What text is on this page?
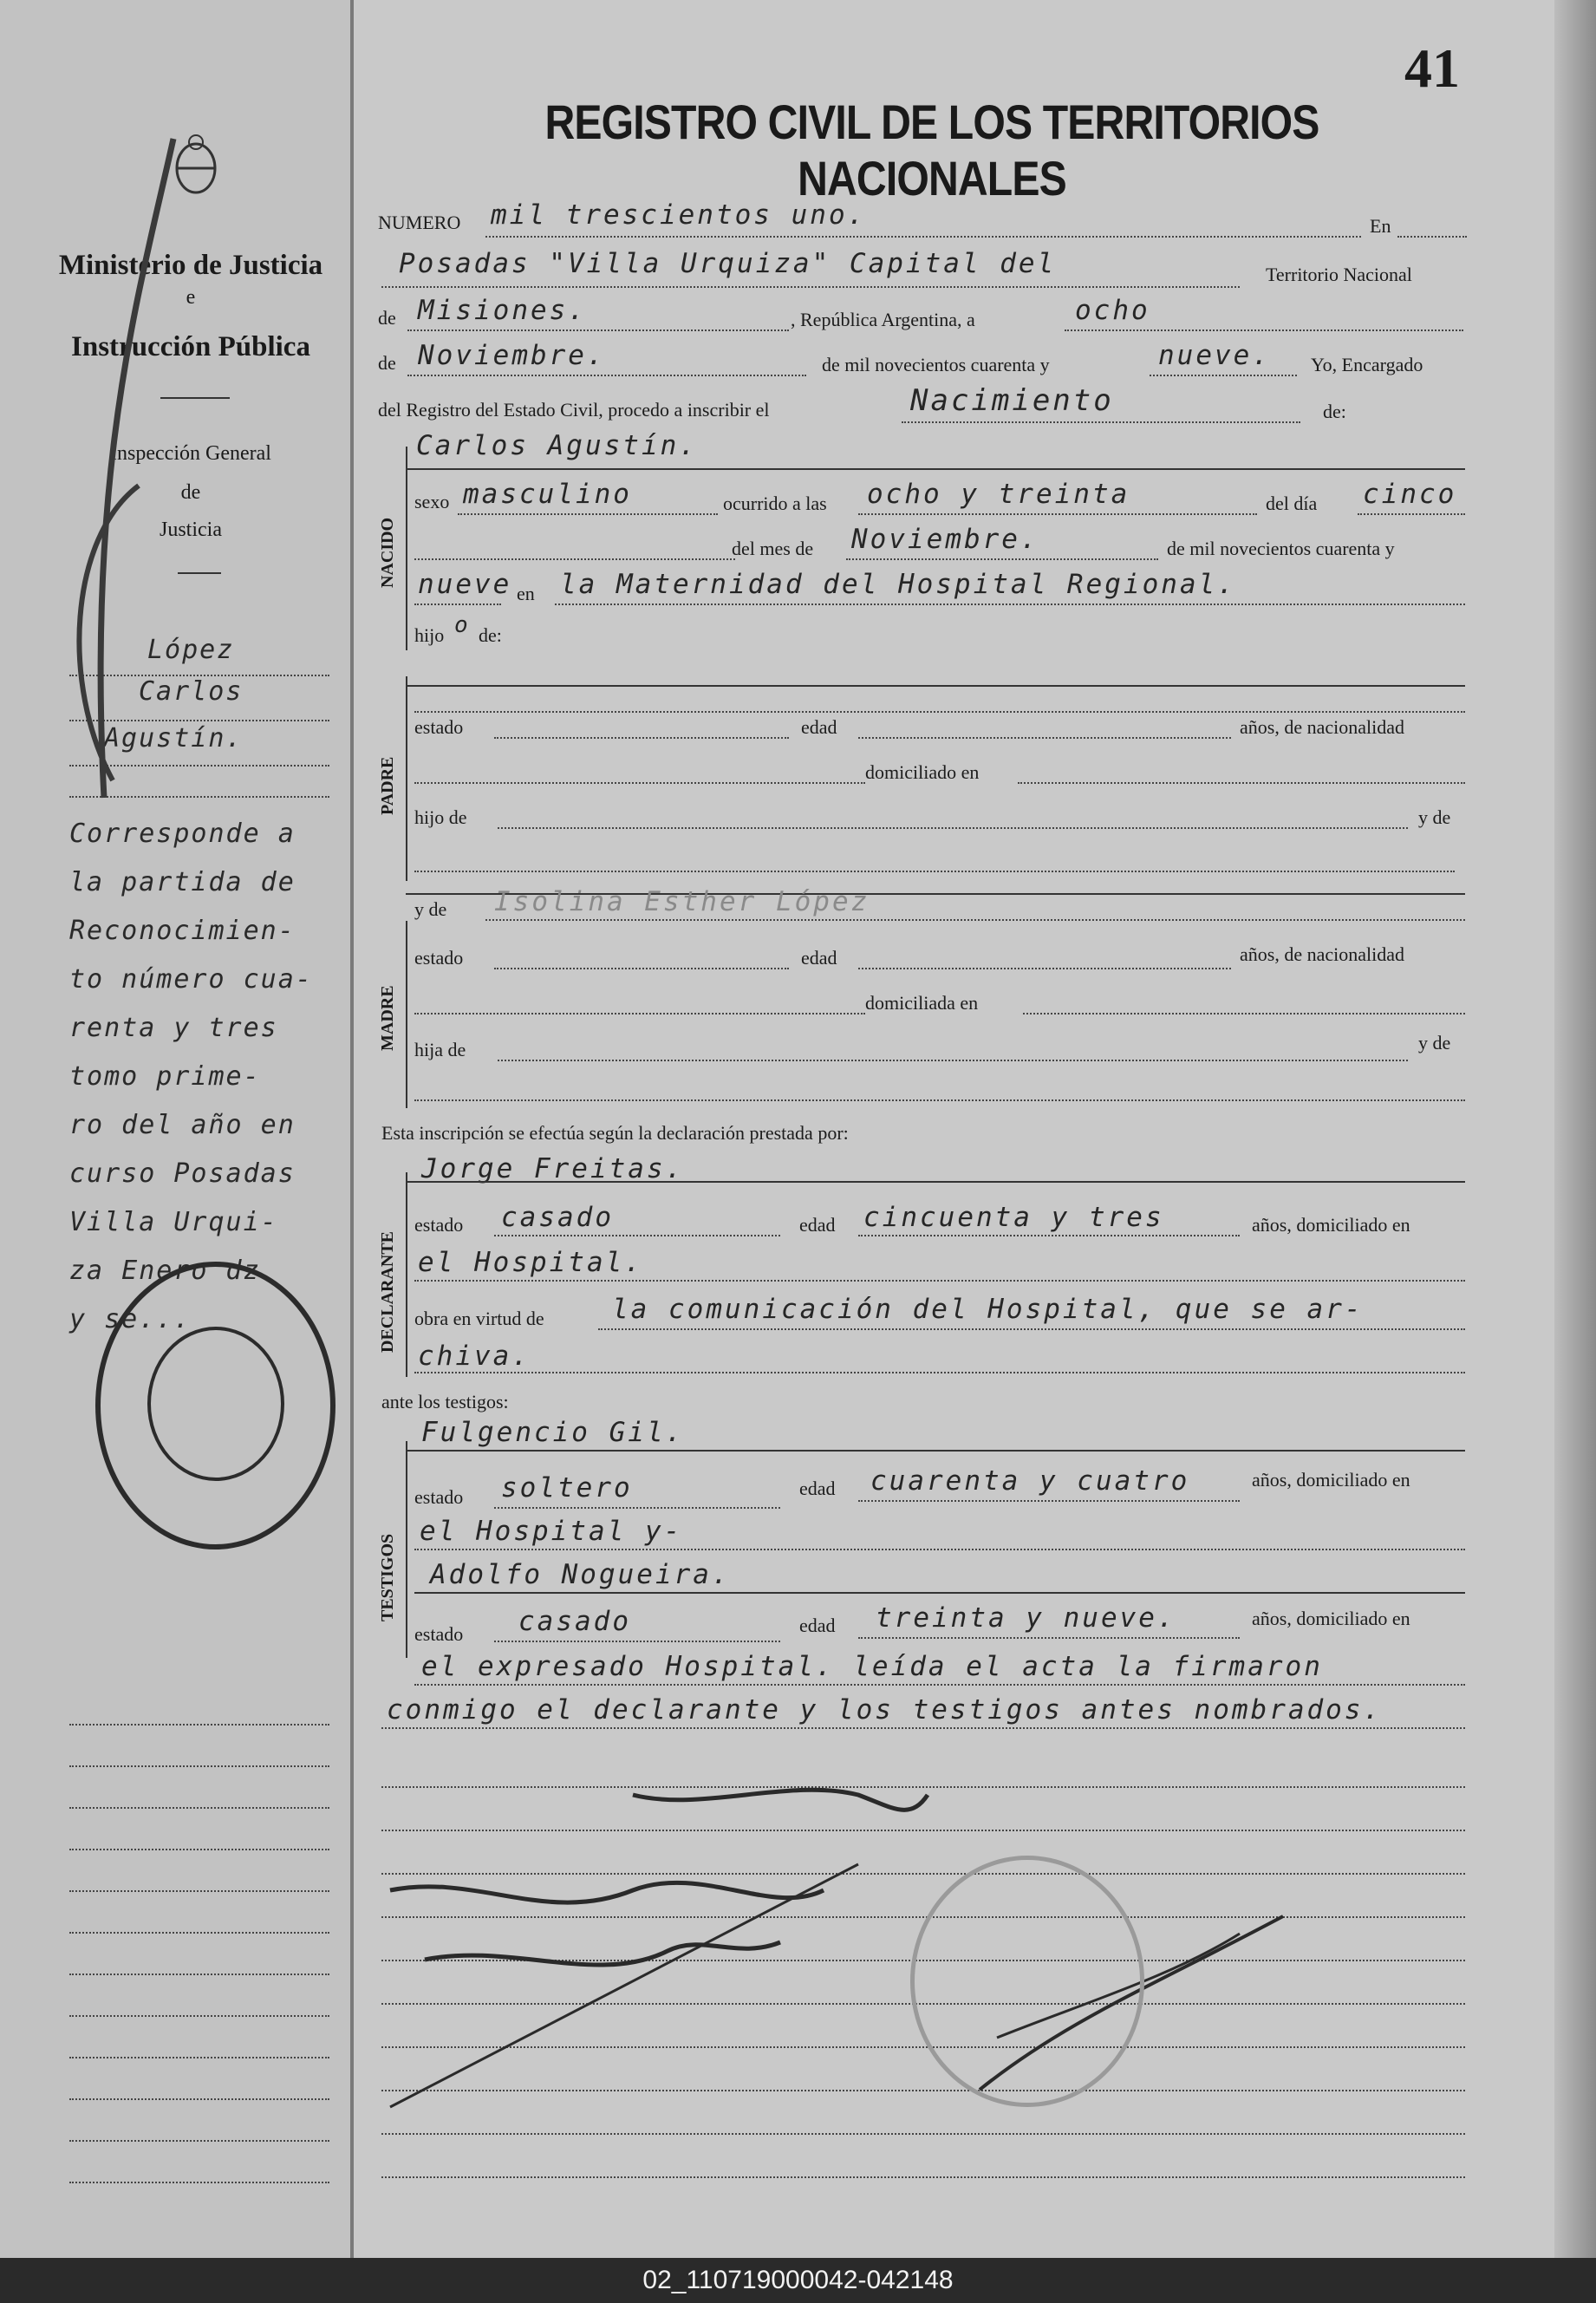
Ministerio de Justicia
e
Instrucción Pública
Inspección General
de
Justicia
López
Carlos
Agustín.
Corresponde a
la partida de
Reconocimien-
to número cua-
renta y tres
tomo prime-
ro del año en
curso Posadas
Villa Urqui-
za Enero dz
y se...
41
REGISTRO CIVIL DE LOS TERRITORIOS NACIONALES
NUMERO mil trescientos uno.	En
Posadas "Villa Urquiza" Capital del	Territorio Nacional
de Misiones.	, República Argentina, a	ocho
de Noviembre.	de mil novecientos cuarenta y	nueve. Yo, Encargado
del Registro del Estado Civil, procedo a inscribir el	Nacimiento	de:
Carlos Agustín.
NACIDO
sexo masculino	ocurrido a las ocho y treinta	del día cinco
del mes de Noviembre.	de mil novecientos cuarenta y
nueve en la Maternidad del Hospital Regional.
hijo o de:
PADRE
estado	edad	años, de nacionalidad
domiciliado en
hijo de	y de
y de Isolina Esther López
MADRE
estado	edad	años, de nacionalidad
domiciliada en
hija de	y de
Esta inscripción se efectúa según la declaración prestada por:
Jorge Freitas.
DECLARANTE
estado casado	edad cincuenta y tres	años, domiciliado en
el Hospital.
obra en virtud de	la comunicación del Hospital, que se ar-
chiva.
ante los testigos:
Fulgencio Gil.
TESTIGOS
estado soltero	edad cuarenta y cuatro	años, domiciliado en
el Hospital y-
Adolfo Nogueira.
estado casado	edad treinta y nueve.	años, domiciliado en
el expresado Hospital. leída el acta la firmaron
conmigo el declarante y los testigos antes nombrados.
02_110719000042-042148
